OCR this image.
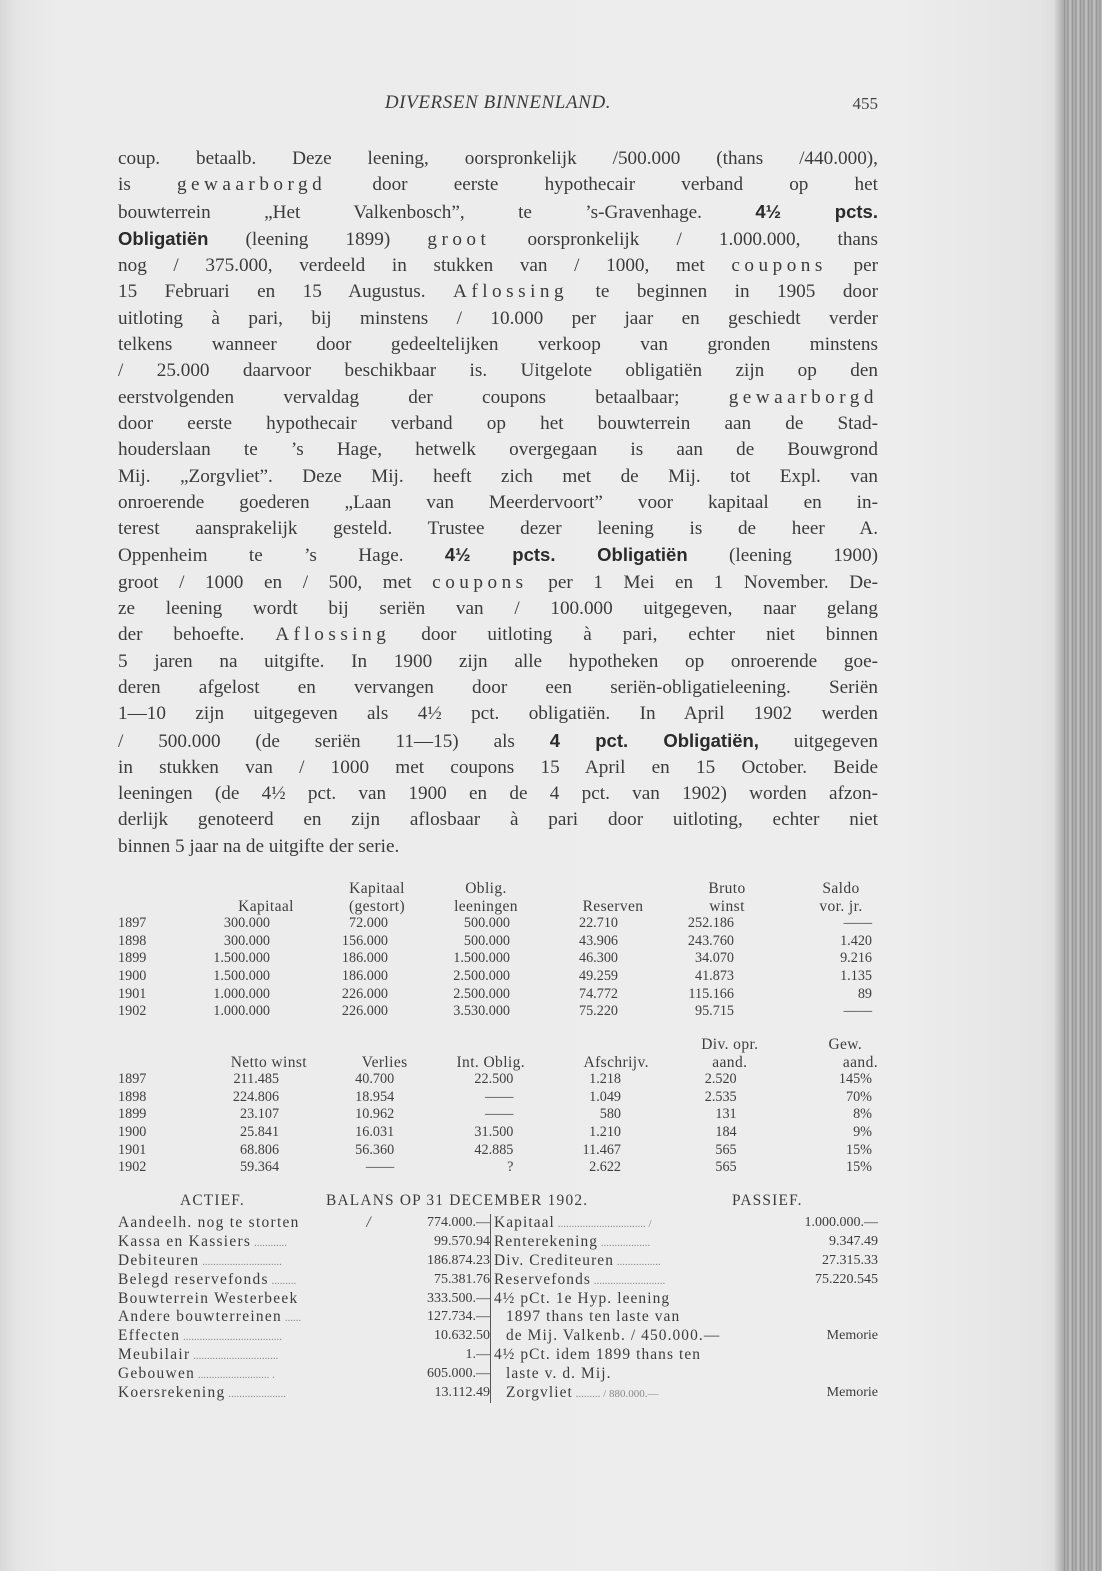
DIVERSEN BINNENLAND.	455
coup. betaalb. Deze leening, oorspronkelijk /500.000 (thans /440.000),
is gewaarborgd door eerste hypothecair verband op het
bouwterrein „Het Valkenbosch”, te ’s-Gravenhage. 4½ pcts.
Obligatiën (leening 1899) groot oorspronkelijk / 1.000.000, thans
nog / 375.000, verdeeld in stukken van / 1000, met coupons per
15 Februari en 15 Augustus. Aflossing te beginnen in 1905 door
uitloting à pari, bij minstens / 10.000 per jaar en geschiedt verder
telkens wanneer door gedeeltelijken verkoop van gronden minstens
/ 25.000 daarvoor beschikbaar is. Uitgelote obligatiën zijn op den
eerstvolgenden vervaldag der coupons betaalbaar; gewaarborgd
door eerste hypothecair verband op het bouwterrein aan de Stad-
houderslaan te ’s Hage, hetwelk overgegaan is aan de Bouwgrond
Mij. „Zorgvliet”. Deze Mij. heeft zich met de Mij. tot Expl. van
onroerende goederen „Laan van Meerdervoort” voor kapitaal en in-
terest aansprakelijk gesteld. Trustee dezer leening is de heer A.
Oppenheim te ’s Hage. 4½ pcts. Obligatiën (leening 1900)
groot / 1000 en / 500, met coupons per 1 Mei en 1 November. De-
ze leening wordt bij seriën van / 100.000 uitgegeven, naar gelang
der behoefte. Aflossing door uitloting à pari, echter niet binnen
5 jaren na uitgifte. In 1900 zijn alle hypotheken op onroerende goe-
deren afgelost en vervangen door een seriën-obligatieleening. Seriën
1—10 zijn uitgegeven als 4½ pct. obligatiën. In April 1902 werden
/ 500.000 (de seriën 11—15) als 4 pct. Obligatiën, uitgegeven
in stukken van / 1000 met coupons 15 April en 15 October. Beide
leeningen (de 4½ pct. van 1900 en de 4 pct. van 1902) worden afzon-
derlijk genoteerd en zijn aflosbaar à pari door uitloting, echter niet
binnen 5 jaar na de uitgifte der serie.
		Kapitaal	Oblig.		Bruto	Saldo
	Kapitaal	(gestort)	leeningen	Reserven	winst	vor. jr.
1897	300.000	72.000	500.000	22.710	252.186	——
1898	300.000	156.000	500.000	43.906	243.760	1.420
1899	1.500.000	186.000	1.500.000	46.300	34.070	9.216
1900	1.500.000	186.000	2.500.000	49.259	41.873	1.135
1901	1.000.000	226.000	2.500.000	74.772	115.166	89
1902	1.000.000	226.000	3.530.000	75.220	95.715	——
					Div. opr.	Gew.
	Netto winst	Verlies	Int. Oblig.	Afschrijv.	aand.	aand.
1897	211.485	40.700	22.500	1.218	2.520	145%
1898	224.806	18.954	——	1.049	2.535	70%
1899	23.107	10.962	——	580	131	8%
1900	25.841	16.031	31.500	1.210	184	9%
1901	68.806	56.360	42.885	11.467	565	15%
1902	59.364	——	?	2.622	565	15%
ACTIEF.	BALANS OP 31 DECEMBER 1902.	PASSIEF.
Aandeelh. nog te storten	/	774.000.—
Kassa en Kassiers ............	99.570.94
Debiteuren .............................	186.874.23
Belegd reservefonds .........	75.381.76
Bouwterrein Westerbeek	333.500.—
Andere bouwterreinen ......	127.734.—
Effecten ....................................	10.632.50
Meubilair ...............................	1.—
Gebouwen .......................... .	605.000.—
Koersrekening .....................	13.112.49
Kapitaal ................................ /	1.000.000.—
Renterekening ..................	9.347.49
Div. Crediteuren ................	27.315.33
Reservefonds ..........................	75.220.545
4½ pCt. 1e Hyp. leening
1897 thans ten laste van
de Mij. Valkenb. / 450.000.—	Memorie
4½ pCt. idem 1899 thans ten
laste v. d. Mij.
Zorgvliet ......... / 880.000.—	Memorie
